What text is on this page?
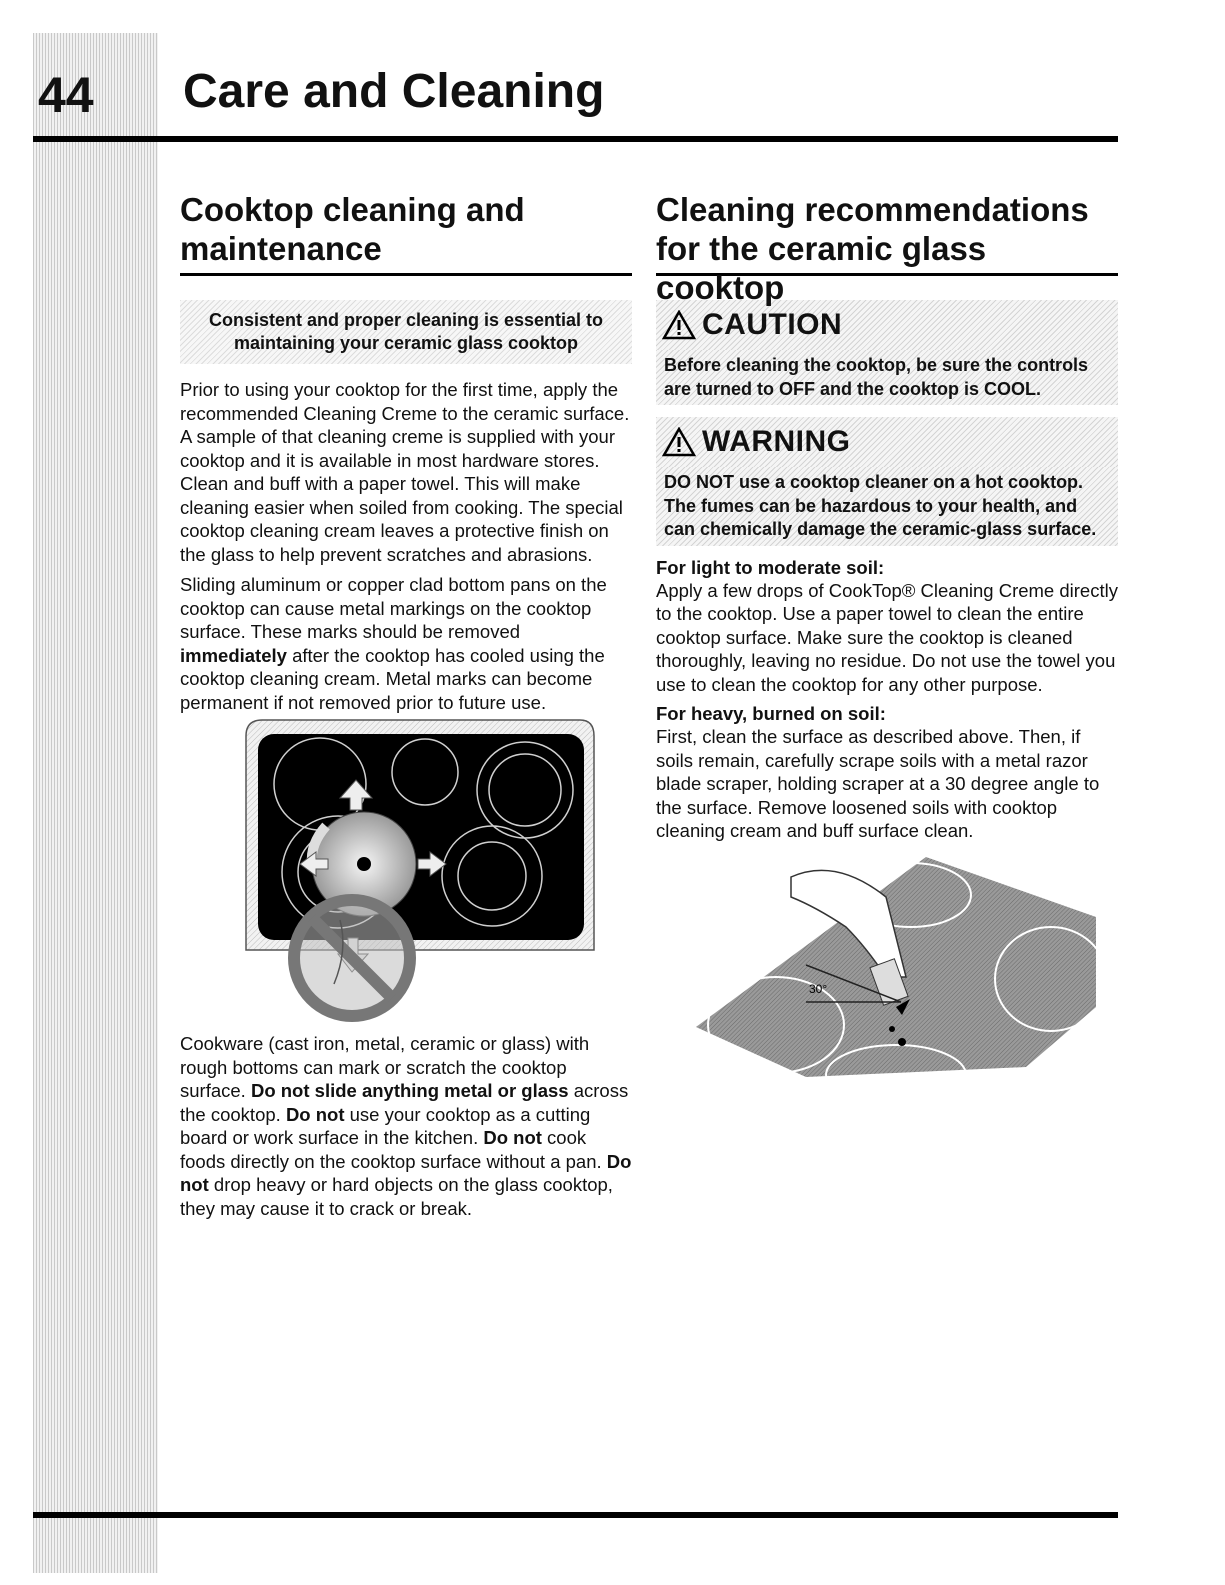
44 Care and Cleaning
Cooktop cleaning and maintenance
Consistent and proper cleaning is essential to maintaining your ceramic glass cooktop

Prior to using your cooktop for the first time, apply the recommended Cleaning Creme to the ceramic surface. A sample of that cleaning creme is supplied with your cooktop and it is available in most hardware stores. Clean and buff with a paper towel. This will make cleaning easier when soiled from cooking. The special cooktop cleaning cream leaves a protective finish on the glass to help prevent scratches and abrasions.

Sliding aluminum or copper clad bottom pans on the cooktop can cause metal markings on the cooktop surface. These marks should be removed immediately after the cooktop has cooled using the cooktop cleaning cream. Metal marks can become permanent if not removed prior to future use.

Cookware (cast iron, metal, ceramic or glass) with rough bottoms can mark or scratch the cooktop surface. Do not slide anything metal or glass across the cooktop. Do not use your cooktop as a cutting board or work surface in the kitchen. Do not cook foods directly on the cooktop surface without a pan. Do not drop heavy or hard objects on the glass cooktop, they may cause it to crack or break.

Cleaning recommendations for the ceramic glass cooktop
CAUTION
Before cleaning the cooktop, be sure the controls are turned to OFF and the cooktop is COOL.
WARNING
DO NOT use a cooktop cleaner on a hot cooktop. The fumes can be hazardous to your health, and can chemically damage the ceramic-glass surface.
For light to moderate soil:

Apply a few drops of CookTop® Cleaning Creme directly to the cooktop. Use a paper towel to clean the entire cooktop surface. Make sure the cooktop is cleaned thoroughly, leaving no residue. Do not use the towel you use to clean the cooktop for any other purpose.

For heavy, burned on soil:

First, clean the surface as described above. Then, if soils remain, carefully scrape soils with a metal razor blade scraper, holding scraper at a 30 degree angle to the surface. Remove loosened soils with cooktop cleaning cream and buff surface clean.

30°
